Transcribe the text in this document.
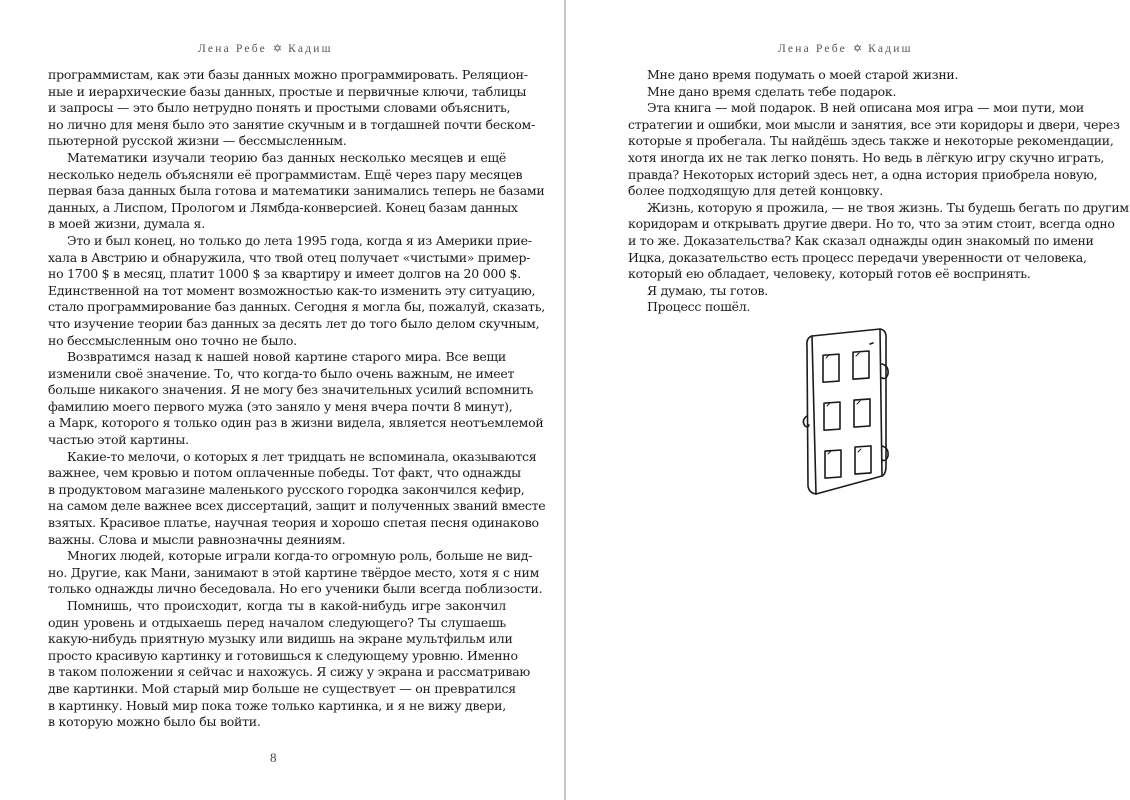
Лена Ребе ✡ Кадиш
программистам, как эти базы данных можно программировать. Реляцион-
ные и иерархические базы данных, простые и первичные ключи, таблицы
и запросы — это было нетрудно понять и простыми словами объяснить,
но лично для меня было это занятие скучным и в тогдашней почти беском-
пьютерной русской жизни — бессмысленным.
Математики изучали теорию баз данных несколько месяцев и ещё
несколько недель объясняли её программистам. Ещё через пару месяцев
первая база данных была готова и математики занимались теперь не базами
данных, а Лиспом, Прологом и Лямбда-конверсией. Конец базам данных
в моей жизни, думала я.
Это и был конец, но только до лета 1995 года, когда я из Америки прие-
хала в Австрию и обнаружила, что твой отец получает «чистыми» пример-
но 1700 $ в месяц, платит 1000 $ за квартиру и имеет долгов на 20 000 $.
Единственной на тот момент возможностью как-то изменить эту ситуацию,
стало программирование баз данных. Сегодня я могла бы, пожалуй, сказать,
что изучение теории баз данных за десять лет до того было делом скучным,
но бессмысленным оно точно не было.
Возвратимся назад к нашей новой картине старого мира. Все вещи
изменили своё значение. То, что когда-то было очень важным, не имеет
больше никакого значения. Я не могу без значительных усилий вспомнить
фамилию моего первого мужа (это заняло у меня вчера почти 8 минут),
а Марк, которого я только один раз в жизни видела, является неотъемлемой
частью этой картины.
Какие-то мелочи, о которых я лет тридцать не вспоминала, оказываются
важнее, чем кровью и потом оплаченные победы. Тот факт, что однажды
в продуктовом магазине маленького русского городка закончился кефир,
на самом деле важнее всех диссертаций, защит и полученных званий вместе
взятых. Красивое платье, научная теория и хорошо спетая песня одинаково
важны. Слова и мысли равнозначны деяниям.
Многих людей, которые играли когда-то огромную роль, больше не вид-
но. Другие, как Мани, занимают в этой картине твёрдое место, хотя я с ним
только однажды лично беседовала. Но его ученики были всегда поблизости.
Помнишь, что происходит, когда ты в какой-нибудь игре закончил
один уровень и отдыхаешь перед началом следующего? Ты слушаешь
какую-нибудь приятную музыку или видишь на экране мультфильм или
просто красивую картинку и готовишься к следующему уровню. Именно
в таком положении я сейчас и нахожусь. Я сижу у экрана и рассматриваю
две картинки. Мой старый мир больше не существует — он превратился
в картинку. Новый мир пока тоже только картинка, и я не вижу двери,
в которую можно было бы войти.
8
Лена Ребе ✡ Кадиш
Мне дано время подумать о моей старой жизни.
Мне дано время сделать тебе подарок.
Эта книга — мой подарок. В ней описана моя игра — мои пути, мои
стратегии и ошибки, мои мысли и занятия, все эти коридоры и двери, через
которые я пробегала. Ты найдёшь здесь также и некоторые рекомендации,
хотя иногда их не так легко понять. Но ведь в лёгкую игру скучно играть,
правда? Некоторых историй здесь нет, а одна история приобрела новую,
более подходящую для детей концовку.
Жизнь, которую я прожила, — не твоя жизнь. Ты будешь бегать по другим
коридорам и открывать другие двери. Но то, что за этим стоит, всегда одно
и то же. Доказательства? Как сказал однажды один знакомый по имени
Ицка, доказательство есть процесс передачи уверенности от человека,
который ею обладает, человеку, который готов её воспринять.
Я думаю, ты готов.
Процесс пошёл.
